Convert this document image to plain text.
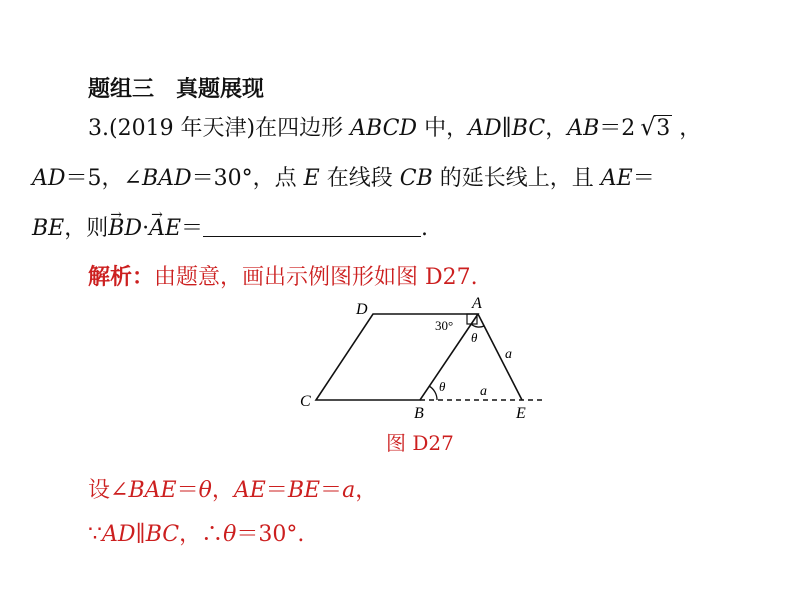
题组三　真题展现
3.(2019 年天津)在四边形 ABCD 中，AD∥BC，AB＝2 √ 3 ，
AD＝5，∠BAD＝30°，点 E 在线段 CB 的延长线上，且 AE＝
BE，则BD →·AE →＝	.
解析：由题意，画出示例图形如图 D27.
D	A
C
B	E
30°
θ
θ
a
a
图 D27
设∠BAE＝θ，AE＝BE＝a，
∵AD∥BC，∴θ＝30°.
